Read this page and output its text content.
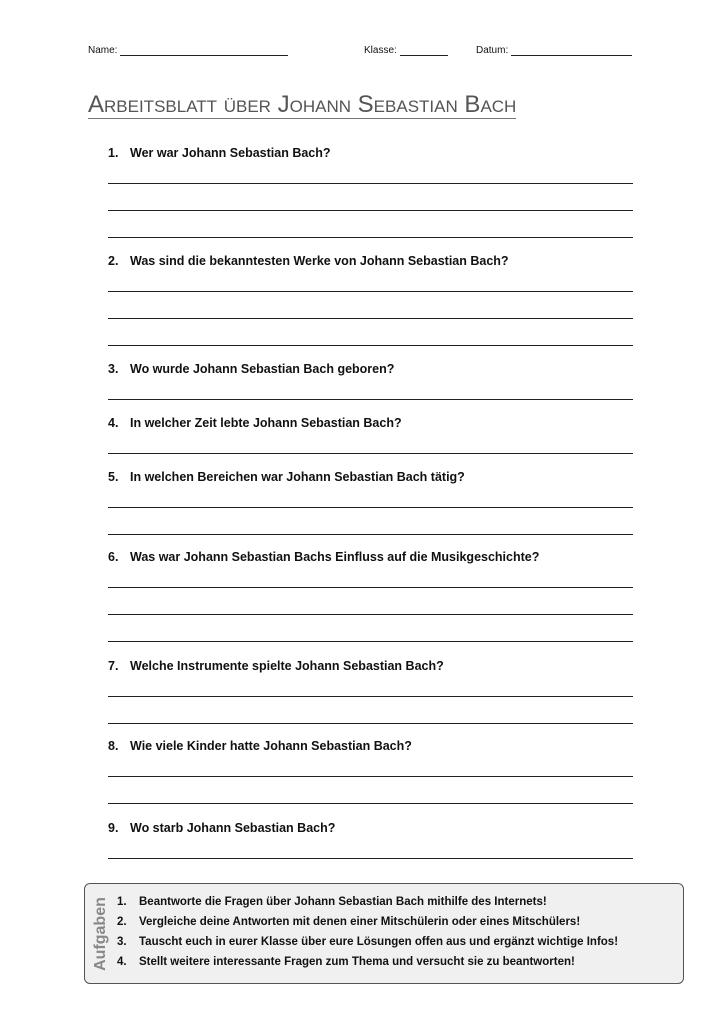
Name:	Klasse:	Datum:
Arbeitsblatt über Johann Sebastian Bach
1. Wer war Johann Sebastian Bach?
2. Was sind die bekanntesten Werke von Johann Sebastian Bach?
3. Wo wurde Johann Sebastian Bach geboren?
4. In welcher Zeit lebte Johann Sebastian Bach?
5. In welchen Bereichen war Johann Sebastian Bach tätig?
6. Was war Johann Sebastian Bachs Einfluss auf die Musikgeschichte?
7. Welche Instrumente spielte Johann Sebastian Bach?
8. Wie viele Kinder hatte Johann Sebastian Bach?
9. Wo starb Johann Sebastian Bach?
Aufgaben 1.	Beantworte die Fragen über Johann Sebastian Bach mithilfe des Internets!
2.	Vergleiche deine Antworten mit denen einer Mitschülerin oder eines Mitschülers!
3.	Tauscht euch in eurer Klasse über eure Lösungen offen aus und ergänzt wichtige Infos!
4.	Stellt weitere interessante Fragen zum Thema und versucht sie zu beantworten!
